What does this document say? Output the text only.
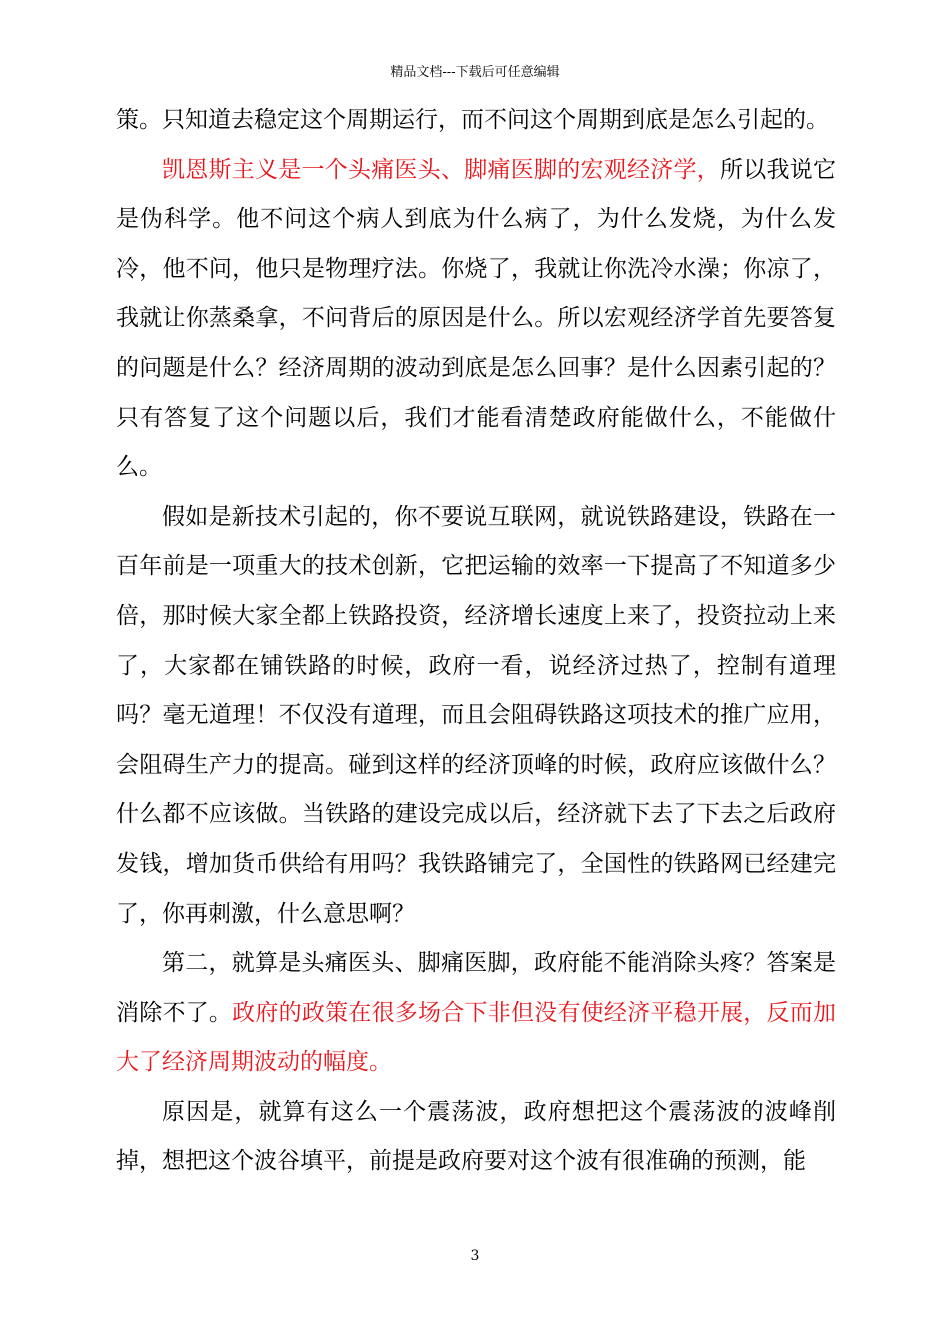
精品文档---下载后可任意编辑

策。只知道去稳定这个周期运行，而不问这个周期到底是怎么引起的。

凯恩斯主义是一个头痛医头、脚痛医脚的宏观经济学，所以我说它是伪科学。他不问这个病人到底为什么病了，为什么发烧，为什么发冷，他不问，他只是物理疗法。你烧了，我就让你洗冷水澡；你凉了，我就让你蒸桑拿，不问背后的原因是什么。所以宏观经济学首先要答复的问题是什么？经济周期的波动到底是怎么回事？是什么因素引起的？只有答复了这个问题以后，我们才能看清楚政府能做什么，不能做什么。

假如是新技术引起的，你不要说互联网，就说铁路建设，铁路在一百年前是一项重大的技术创新，它把运输的效率一下提高了不知道多少倍，那时候大家全都上铁路投资，经济增长速度上来了，投资拉动上来了，大家都在铺铁路的时候，政府一看，说经济过热了，控制有道理吗？毫无道理！不仅没有道理，而且会阻碍铁路这项技术的推广应用，会阻碍生产力的提高。碰到这样的经济顶峰的时候，政府应该做什么？什么都不应该做。当铁路的建设完成以后，经济就下去了下去之后政府发钱，增加货币供给有用吗？我铁路铺完了，全国性的铁路网已经建完了，你再刺激，什么意思啊？

第二，就算是头痛医头、脚痛医脚，政府能不能消除头疼？答案是消除不了。政府的政策在很多场合下非但没有使经济平稳开展，反而加大了经济周期波动的幅度。

原因是，就算有这么一个震荡波，政府想把这个震荡波的波峰削掉，想把这个波谷填平，前提是政府要对这个波有很准确的预测，能

3
